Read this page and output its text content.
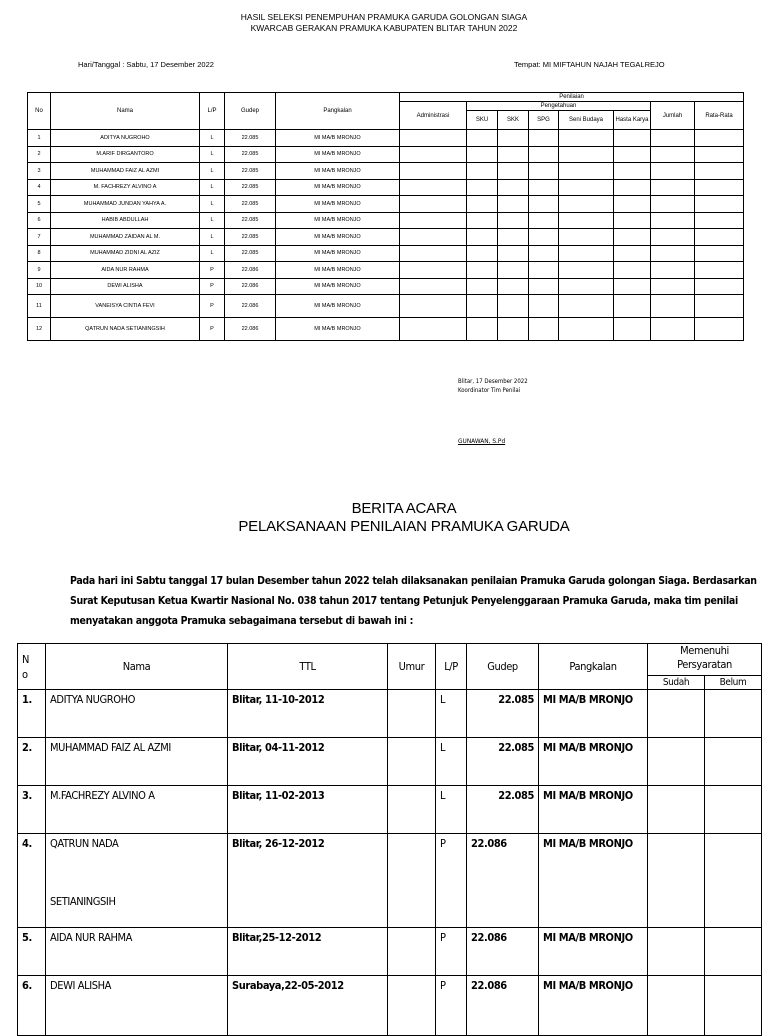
HASIL SELEKSI PENEMPUHAN PRAMUKA GARUDA GOLONGAN SIAGA
KWARCAB GERAKAN PRAMUKA KABUPATEN BLITAR TAHUN 2022
Hari/Tanggal : Sabtu, 17 Desember 2022	Tempat: MI MIFTAHUN NAJAH TEGALREJO
No	Nama	L/P	Gudep	Pangkalan	Penilaian							
					Administrasi	Pengetahuan					Jumlah	Rata-Rata
						SKU	SKK	SPG	Seni Budaya	Hasta Karya		
1	ADITYA NUGROHO	L	22.085	MI MA/B MRONJO								
2	M.ARIF DIRGANTORO	L	22.085	MI MA/B MRONJO								
3	MUHAMMAD FAIZ AL AZMI	L	22.085	MI MA/B MRONJO								
4	M. FACHREZY ALVINO A	L	22.085	MI MA/B MRONJO								
5	MUHAMMAD JUNDAN YAHYA A.	L	22.085	MI MA/B MRONJO								
6	HABIB ABDULLAH	L	22.085	MI MA/B MRONJO								
7	MUHAMMAD ZAIDAN AL M.	L	22.085	MI MA/B MRONJO								
8	MUHAMMAD ZIDNI AL AZIZ	L	22.085	MI MA/B MRONJO								
9	AIDA NUR RAHMA	P	22.086	MI MA/B MRONJO								
10	DEWI ALISHA	P	22.086	MI MA/B MRONJO								
11	VANEISYA CINTIA FEVI	P	22.086	MI MA/B MRONJO								
12	QATRUN NADA SETIANINGSIH	P	22.086	MI MA/B MRONJO								
Blitar, 17 Desember 2022
Koordinator Tim Penilai
GUNAWAN, S.Pd
BERITA ACARA
PELAKSANAAN PENILAIAN PRAMUKA GARUDA
Pada hari ini Sabtu tanggal 17 bulan Desember tahun 2022 telah dilaksanakan penilaian Pramuka Garuda golongan Siaga. Berdasarkan Surat Keputusan Ketua Kwartir Nasional No. 038 tahun 2017 tentang Petunjuk Penyelenggaraan Pramuka Garuda, maka tim penilai menyatakan anggota Pramuka sebagaimana tersebut di bawah ini :
N
o	Nama	TTL	Umur	L/P	Gudep	Pangkalan	Memenuhi Persyaratan	
							Sudah	Belum
1.	ADITYA NUGROHO	Blitar, 11-10-2012		L	22.085	MI MA/B MRONJO		
2.	MUHAMMAD FAIZ AL AZMI	Blitar, 04-11-2012		L	22.085	MI MA/B MRONJO		
3.	M.FACHREZY ALVINO A	Blitar, 11-02-2013		L	22.085	MI MA/B MRONJO		
4.	QATRUN NADA
SETIANINGSIH	Blitar, 26-12-2012		P	22.086	MI MA/B MRONJO		
5.	AIDA NUR RAHMA	Blitar,25-12-2012		P	22.086	MI MA/B MRONJO		
6.	DEWI ALISHA	Surabaya,22-05-2012		P	22.086	MI MA/B MRONJO		
